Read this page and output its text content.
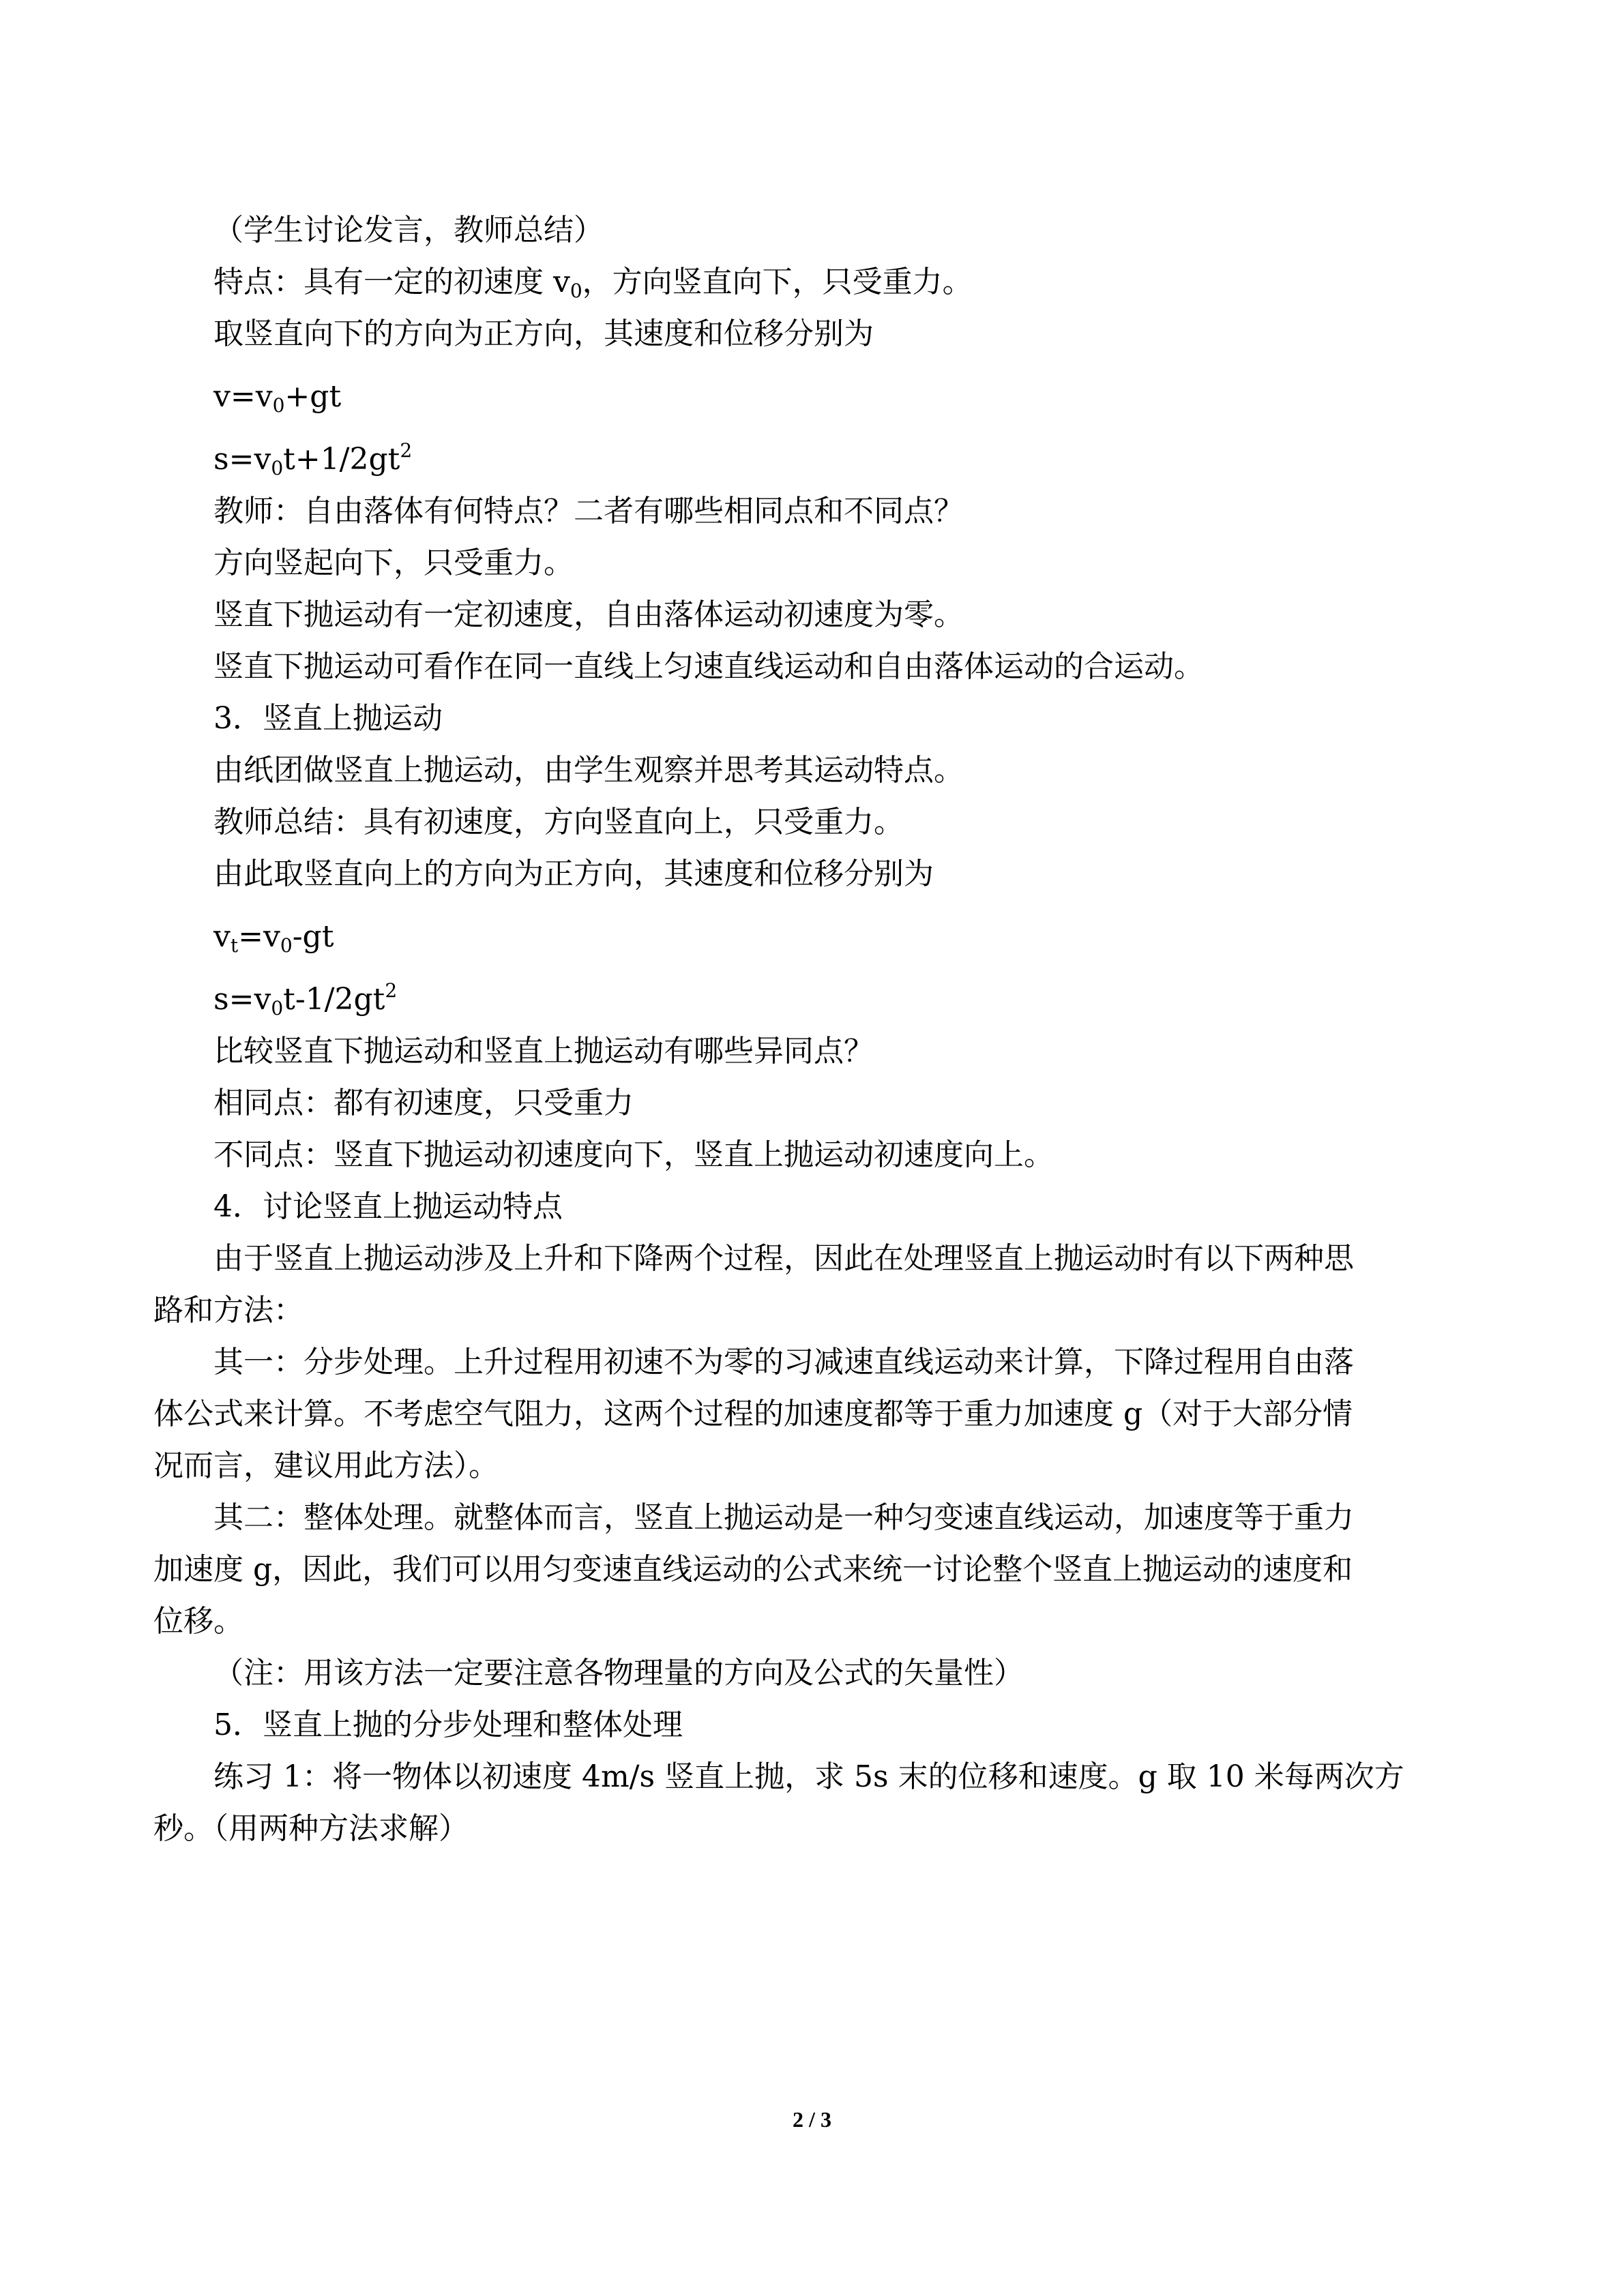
（学生讨论发言，教师总结）

特点：具有一定的初速度 $v_0$，方向竖直向下，只受重力。

取竖直向下的方向为正方向，其速度和位移分别为

$v=v_0+gt$

$s=v_0t+1/2gt^2$

教师：自由落体有何特点？二者有哪些相同点和不同点？

方向竖起向下，只受重力。

竖直下抛运动有一定初速度，自由落体运动初速度为零。

竖直下抛运动可看作在同一直线上匀速直线运动和自由落体运动的合运动。

3．竖直上抛运动

由纸团做竖直上抛运动，由学生观察并思考其运动特点。

教师总结：具有初速度，方向竖直向上，只受重力。

由此取竖直向上的方向为正方向，其速度和位移分别为

$v_t=v_0-gt$

$s=v_0t-1/2gt^2$

比较竖直下抛运动和竖直上抛运动有哪些异同点？

相同点：都有初速度，只受重力

不同点：竖直下抛运动初速度向下，竖直上抛运动初速度向上。

4．讨论竖直上抛运动特点

由于竖直上抛运动涉及上升和下降两个过程，因此在处理竖直上抛运动时有以下两种思

路和方法：

其一：分步处理。上升过程用初速不为零的习减速直线运动来计算，下降过程用自由落

体公式来计算。不考虑空气阻力，这两个过程的加速度都等于重力加速度 g（对于大部分情

况而言，建议用此方法）。

其二：整体处理。就整体而言，竖直上抛运动是一种匀变速直线运动，加速度等于重力

加速度 g，因此，我们可以用匀变速直线运动的公式来统一讨论整个竖直上抛运动的速度和

位移。

（注：用该方法一定要注意各物理量的方向及公式的矢量性）

5．竖直上抛的分步处理和整体处理

练习 1：将一物体以初速度 4m/s 竖直上抛，求 5s 末的位移和速度。g 取 10 米每两次方

秒。（用两种方法求解）

2 / 3
